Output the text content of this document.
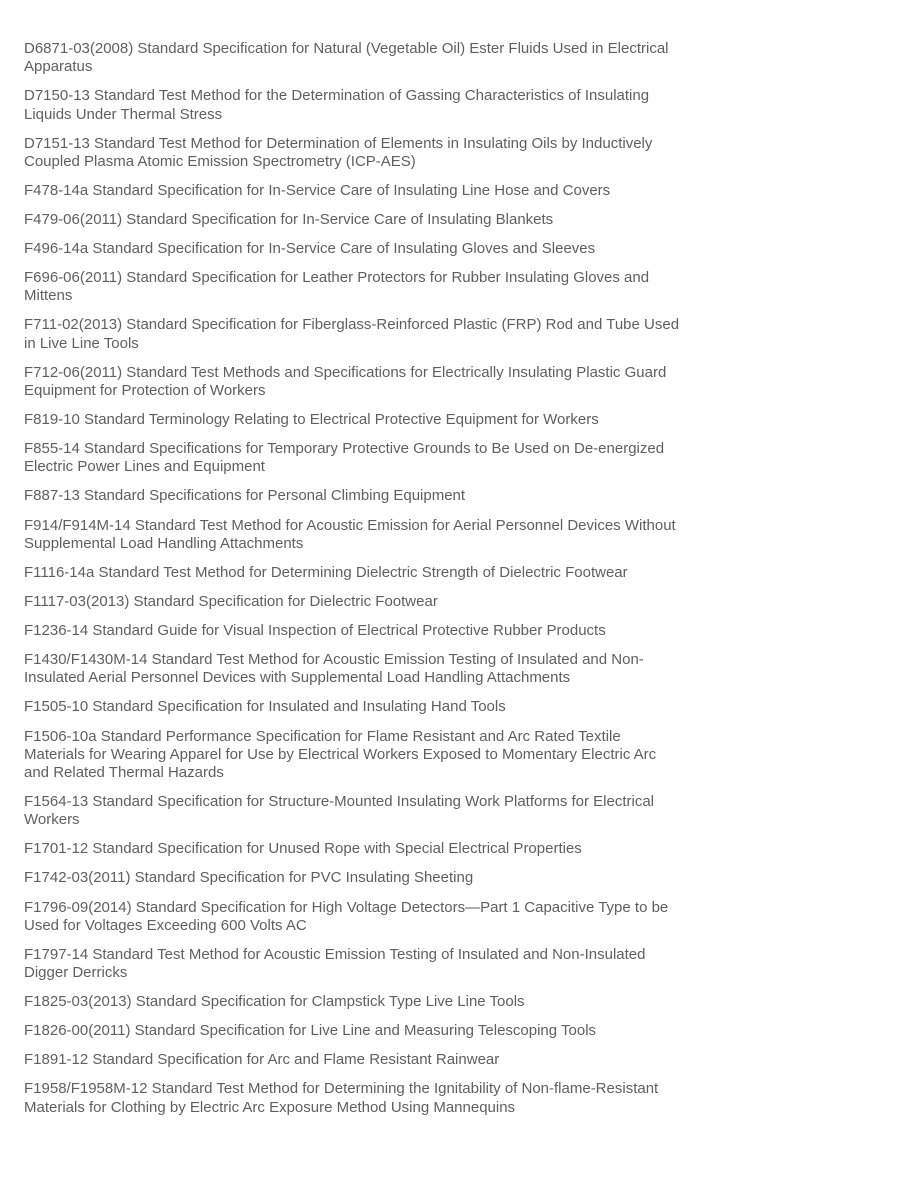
D6871-03(2008) Standard Specification for Natural (Vegetable Oil) Ester Fluids Used in Electrical Apparatus

D7150-13 Standard Test Method for the Determination of Gassing Characteristics of Insulating Liquids Under Thermal Stress

D7151-13 Standard Test Method for Determination of Elements in Insulating Oils by Inductively Coupled Plasma Atomic Emission Spectrometry (ICP-AES)

F478-14a Standard Specification for In-Service Care of Insulating Line Hose and Covers

F479-06(2011) Standard Specification for In-Service Care of Insulating Blankets

F496-14a Standard Specification for In-Service Care of Insulating Gloves and Sleeves

F696-06(2011) Standard Specification for Leather Protectors for Rubber Insulating Gloves and Mittens

F711-02(2013) Standard Specification for Fiberglass-Reinforced Plastic (FRP) Rod and Tube Used in Live Line Tools

F712-06(2011) Standard Test Methods and Specifications for Electrically Insulating Plastic Guard Equipment for Protection of Workers

F819-10 Standard Terminology Relating to Electrical Protective Equipment for Workers

F855-14 Standard Specifications for Temporary Protective Grounds to Be Used on De-energized Electric Power Lines and Equipment

F887-13 Standard Specifications for Personal Climbing Equipment

F914/F914M-14 Standard Test Method for Acoustic Emission for Aerial Personnel Devices Without Supplemental Load Handling Attachments

F1116-14a Standard Test Method for Determining Dielectric Strength of Dielectric Footwear

F1117-03(2013) Standard Specification for Dielectric Footwear

F1236-14 Standard Guide for Visual Inspection of Electrical Protective Rubber Products

F1430/F1430M-14 Standard Test Method for Acoustic Emission Testing of Insulated and Non-Insulated Aerial Personnel Devices with Supplemental Load Handling Attachments

F1505-10 Standard Specification for Insulated and Insulating Hand Tools

F1506-10a Standard Performance Specification for Flame Resistant and Arc Rated Textile Materials for Wearing Apparel for Use by Electrical Workers Exposed to Momentary Electric Arc and Related Thermal Hazards

F1564-13 Standard Specification for Structure-Mounted Insulating Work Platforms for Electrical Workers

F1701-12 Standard Specification for Unused Rope with Special Electrical Properties

F1742-03(2011) Standard Specification for PVC Insulating Sheeting

F1796-09(2014) Standard Specification for High Voltage Detectors—Part 1 Capacitive Type to be Used for Voltages Exceeding 600 Volts AC

F1797-14 Standard Test Method for Acoustic Emission Testing of Insulated and Non-Insulated Digger Derricks

F1825-03(2013) Standard Specification for Clampstick Type Live Line Tools

F1826-00(2011) Standard Specification for Live Line and Measuring Telescoping Tools

F1891-12 Standard Specification for Arc and Flame Resistant Rainwear

F1958/F1958M-12 Standard Test Method for Determining the Ignitability of Non-flame-Resistant Materials for Clothing by Electric Arc Exposure Method Using Mannequins
